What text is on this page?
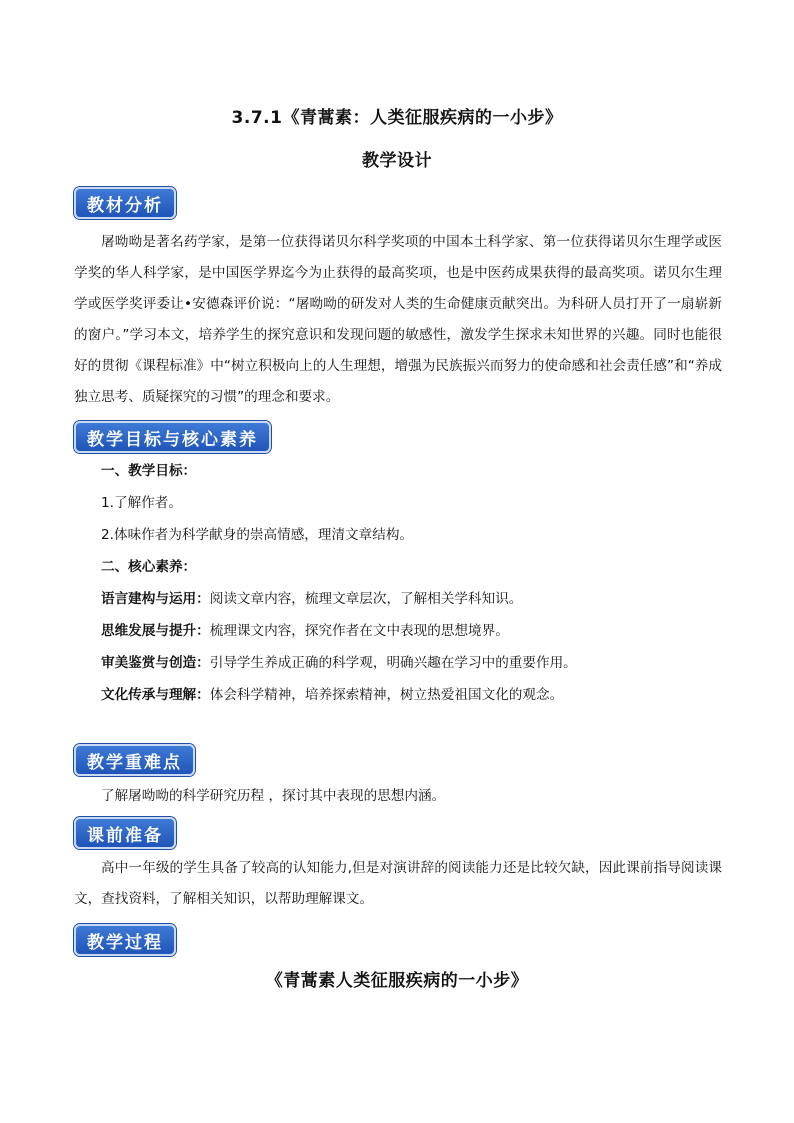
3.7.1《青蒿素：人类征服疾病的一小步》
教学设计
教材分析

屠呦呦是著名药学家，是第一位获得诺贝尔科学奖项的中国本土科学家、第一位获得诺贝尔生理学或医学奖的华人科学家，是中国医学界迄今为止获得的最高奖项，也是中医药成果获得的最高奖项。诺贝尔生理学或医学奖评委让•安德森评价说：“屠呦呦的研发对人类的生命健康贡献突出。为科研人员打开了一扇崭新的窗户。”学习本文，培养学生的探究意识和发现问题的敏感性，激发学生探求未知世界的兴趣。同时也能很好的贯彻《课程标准》中“树立积极向上的人生理想，增强为民族振兴而努力的使命感和社会责任感”和“养成独立思考、质疑探究的习惯”的理念和要求。

教学目标与核心素养
一、教学目标：
1.了解作者。
2.体味作者为科学献身的崇高情感，理清文章结构。
二、核心素养：
语言建构与运用：阅读文章内容，梳理文章层次，了解相关学科知识。
思维发展与提升：梳理课文内容，探究作者在文中表现的思想境界。
审美鉴赏与创造：引导学生养成正确的科学观，明确兴趣在学习中的重要作用。
文化传承与理解：体会科学精神，培养探索精神，树立热爱祖国文化的观念。
教学重难点

了解屠呦呦的科学研究历程 ，探讨其中表现的思想内涵。

课前准备

高中一年级的学生具备了较高的认知能力,但是对演讲辞的阅读能力还是比较欠缺，因此课前指导阅读课文，查找资料，了解相关知识，以帮助理解课文。

教学过程
《青蒿素人类征服疾病的一小步》
